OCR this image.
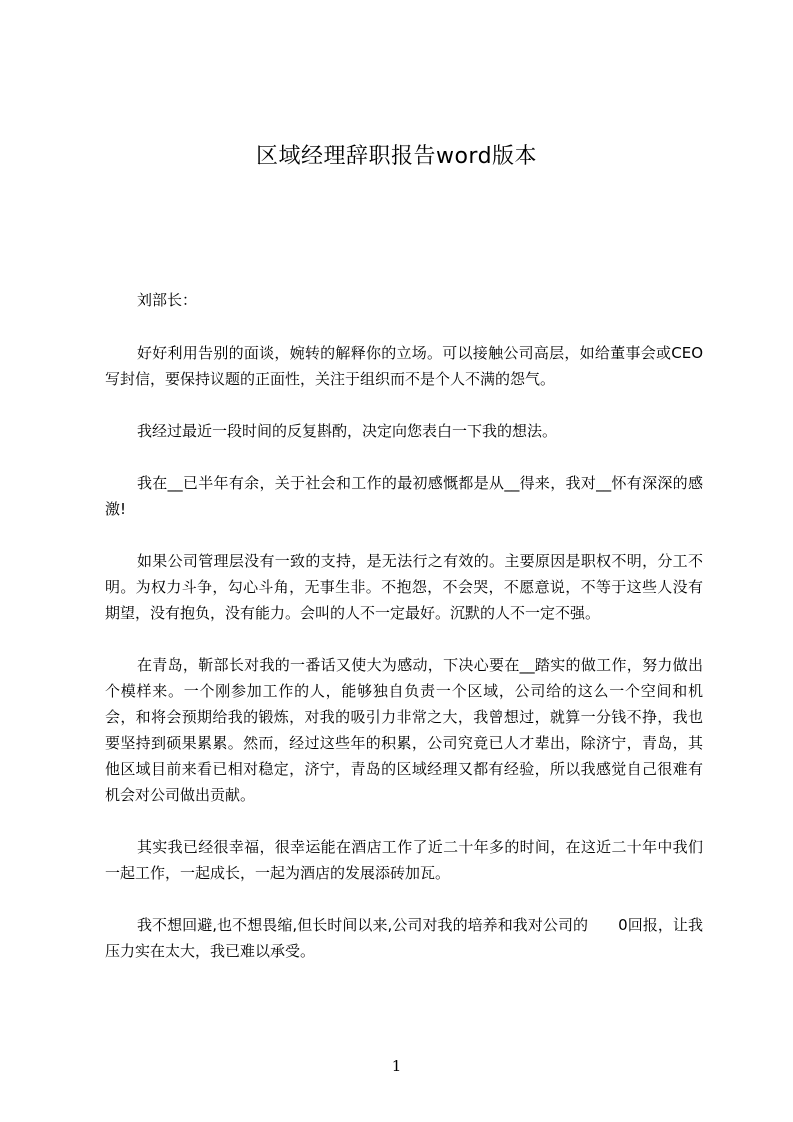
区域经理辞职报告word版本

刘部长：

好好利用告别的面谈，婉转的解释你的立场。可以接触公司高层，如给董事会或CEO写封信，要保持议题的正面性，关注于组织而不是个人不满的怨气。

我经过最近一段时间的反复斟酌，决定向您表白一下我的想法。

我在__已半年有余，关于社会和工作的最初感慨都是从__得来，我对__怀有深深的感激!

如果公司管理层没有一致的支持，是无法行之有效的。主要原因是职权不明，分工不明。为权力斗争，勾心斗角，无事生非。不抱怨，不会哭，不愿意说，不等于这些人没有期望，没有抱负，没有能力。会叫的人不一定最好。沉默的人不一定不强。

在青岛，靳部长对我的一番话又使大为感动，下决心要在__踏实的做工作，努力做出个模样来。一个刚参加工作的人，能够独自负责一个区域，公司给的这么一个空间和机会，和将会预期给我的锻炼，对我的吸引力非常之大，我曾想过，就算一分钱不挣，我也要坚持到硕果累累。然而，经过这些年的积累，公司究竟已人才辈出，除济宁，青岛，其他区域目前来看已相对稳定，济宁，青岛的区域经理又都有经验，所以我感觉自己很难有机会对公司做出贡献。

其实我已经很幸福，很幸运能在酒店工作了近二十年多的时间，在这近二十年中我们一起工作，一起成长，一起为酒店的发展添砖加瓦。

我不想回避,也不想畏缩,但长时间以来,公司对我的培养和我对公司的　　0回报，让我压力实在太大，我已难以承受。

1
